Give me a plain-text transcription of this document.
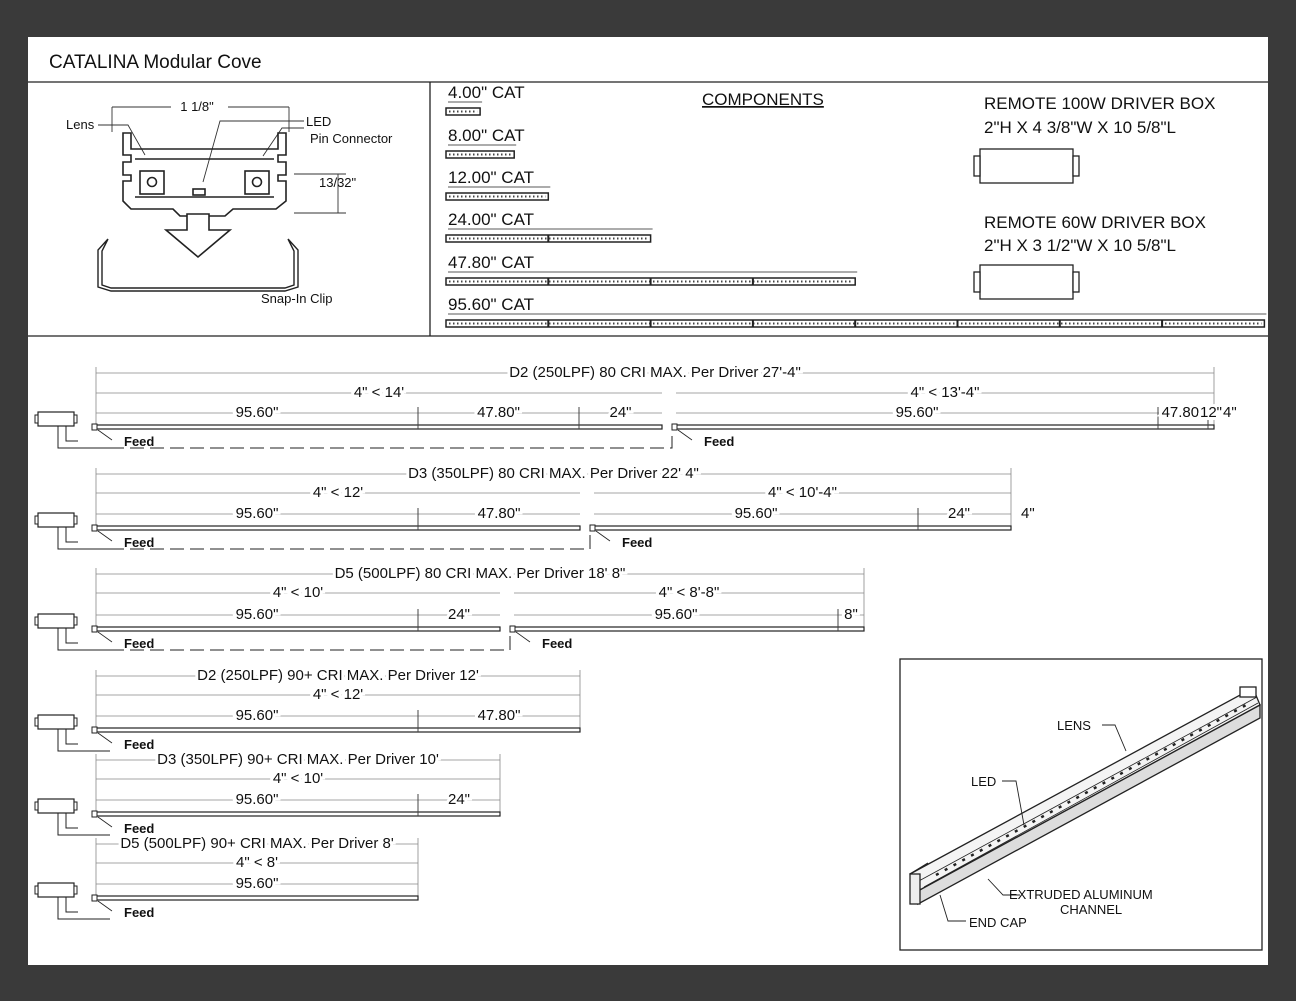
CATALINA Modular Cove
1 1/8"
13/32"
Lens	LED
Pin Connector
Snap-In Clip
COMPONENTS
4.00" CAT
8.00" CAT
12.00" CAT
24.00" CAT
47.80" CAT
95.60" CAT
REMOTE 100W DRIVER BOX
2"H X 4 3/8"W X 10 5/8"L
REMOTE 60W DRIVER BOX
2"H X 3 1/2"W X 10 5/8"L
D2 (250LPF) 80 CRI MAX. Per Driver 27'-4"
4" < 14'
95.60"	47.80"	24"
Feed
4" < 13'-4"
95.60"	47.80"
12" 4"
Feed
D3 (350LPF) 80 CRI MAX. Per Driver 22' 4"
4" < 12'
95.60"	47.80"
Feed
4" < 10'-4"
95.60"	24"	4"
Feed
D5 (500LPF) 80 CRI MAX. Per Driver 18' 8"
4" < 10'
95.60"	24"
Feed
4" < 8'-8"
95.60"	8"
Feed
D2 (250LPF) 90+ CRI MAX. Per Driver 12'
4" < 12'
95.60"	47.80"
Feed
D3 (350LPF) 90+ CRI MAX. Per Driver 10'
4" < 10'
95.60"	24"
Feed
D5 (500LPF) 90+ CRI MAX. Per Driver 8'
4" < 8'
95.60"
Feed
LENS
LED
EXTRUDED ALUMINUM
CHANNEL
END CAP
